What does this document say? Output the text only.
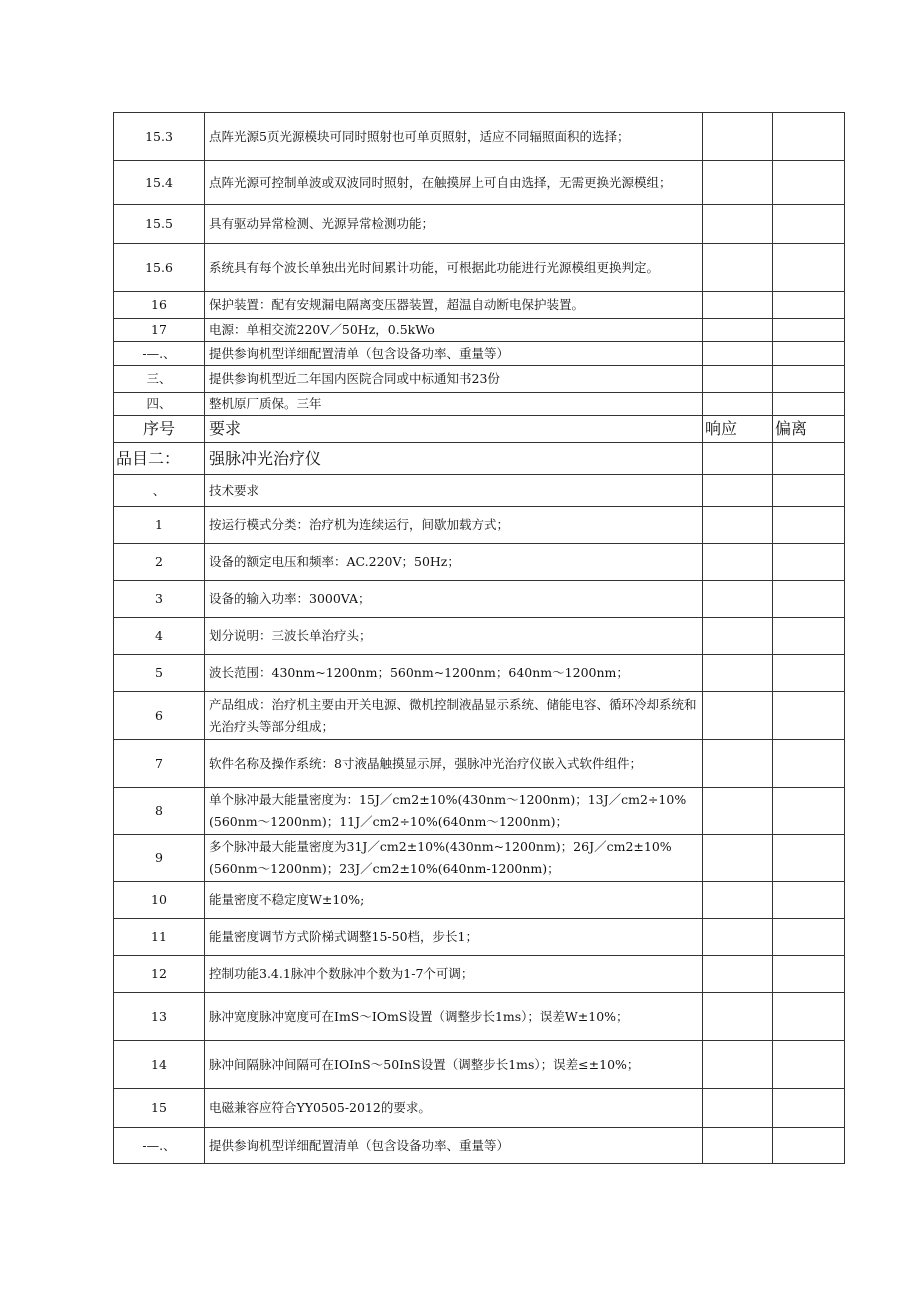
15.3	点阵光源5页光源模块可同时照射也可单页照射，适应不同辐照面积的选择；		
15.4	点阵光源可控制单波或双波同时照射，在触摸屏上可自由选择，无需更换光源模组；		
15.5	具有驱动异常检测、光源异常检测功能；		
15.6	系统具有每个波长单独出光时间累计功能，可根据此功能进行光源模组更换判定。		
16	保护装置：配有安规漏电隔离变压器装置，超温自动断电保护装置。		
17	电源：单相交流220V／50Hz，0.5kWo		
-—.、	提供参询机型详细配置清单（包含设备功率、重量等）		
三、	提供参询机型近二年国内医院合同或中标通知书23份		
四、	整机原厂质保。三年		
序号	要求	响应	偏离
品目二：	强脉冲光治疗仪		
、	技术要求		
1	按运行模式分类：治疗机为连续运行，间歇加载方式；		
2	设备的额定电压和频率：AC.220V；50Hz；		
3	设备的输入功率：3000VA；		
4	划分说明：三波长单治疗头；		
5	波长范围：430nm~1200nm；560nm~1200nm；640nm～1200nm；		
6	产品组成：治疗机主要由开关电源、微机控制液晶显示系统、储能电容、循环冷却系统和光治疗头等部分组成；		
7	软件名称及操作系统：8寸液晶触摸显示屏，强脉冲光治疗仪嵌入式软件组件；		
8	单个脉冲最大能量密度为：15J／cm2±10%(430nm～1200nm)；13J／cm2÷10%(560nm～1200nm)；11J／cm2÷10%(640nm～1200nm)；		
9	多个脉冲最大能量密度为31J／cm2±10%(430nm~1200nm)；26J／cm2±10%(560nm～1200nm)；23J／cm2±10%(640nm-1200nm)；		
10	能量密度不稳定度W±10%;		
11	能量密度调节方式阶梯式调整15-50档，步长1；		
12	控制功能3.4.1脉冲个数脉冲个数为1-7个可调；		
13	脉冲宽度脉冲宽度可在ImS～IOmS设置（调整步长1ms）；误差W±10%；		
14	脉冲间隔脉冲间隔可在IOInS～50InS设置（调整步长1ms）；误差≤±10%；		
15	电磁兼容应符合YY0505-2012的要求。		
-—.、	提供参询机型详细配置清单（包含设备功率、重量等）		
